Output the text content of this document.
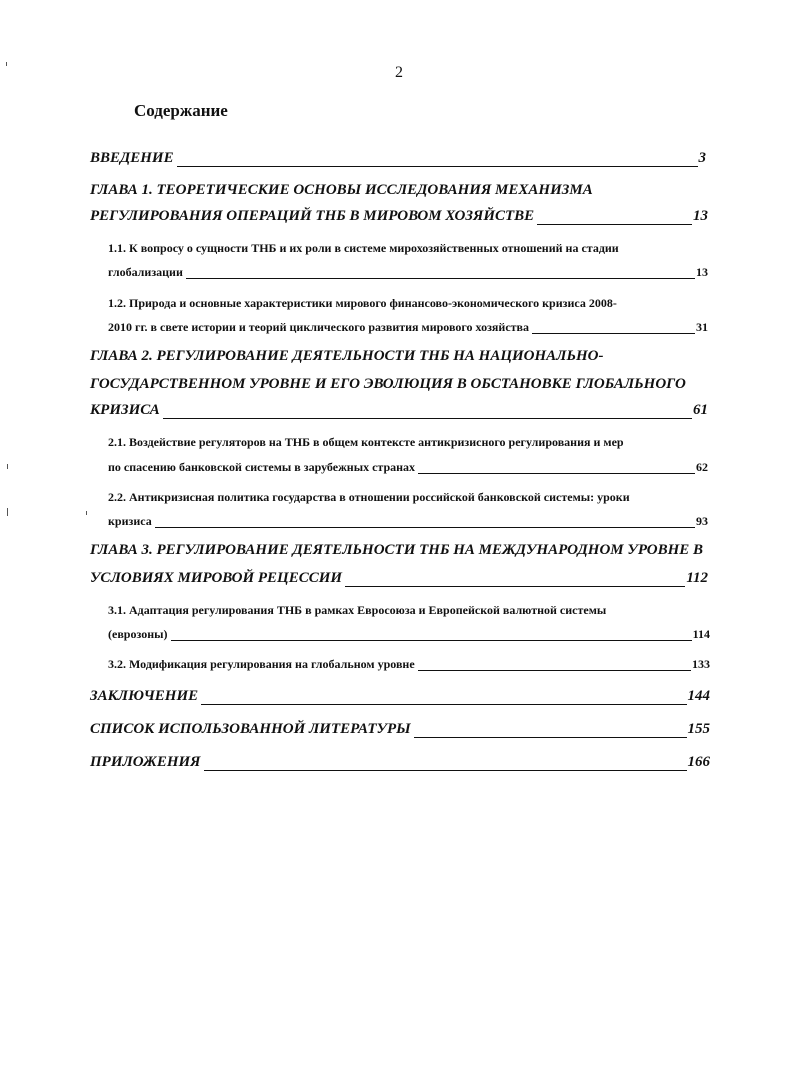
2
Содержание
ВВЕДЕНИЕ	3
ГЛАВА 1. ТЕОРЕТИЧЕСКИЕ ОСНОВЫ ИССЛЕДОВАНИЯ МЕХАНИЗМА
РЕГУЛИРОВАНИЯ ОПЕРАЦИЙ ТНБ В МИРОВОМ ХОЗЯЙСТВЕ	13
1.1. К вопросу о сущности ТНБ и их роли в системе мирохозяйственных отношений на стадии
глобализации	13
1.2. Природа и основные характеристики мирового финансово-экономического кризиса 2008-
2010 гг. в свете истории и теорий циклического развития мирового хозяйства	31
ГЛАВА 2. РЕГУЛИРОВАНИЕ ДЕЯТЕЛЬНОСТИ ТНБ НА НАЦИОНАЛЬНО-
ГОСУДАРСТВЕННОМ УРОВНЕ И ЕГО ЭВОЛЮЦИЯ В ОБСТАНОВКЕ ГЛОБАЛЬНОГО
КРИЗИСА	61
2.1. Воздействие регуляторов на ТНБ в общем контексте антикризисного регулирования и мер
по спасению банковской системы в зарубежных странах	62
2.2. Антикризисная политика государства в отношении российской банковской системы: уроки
кризиса	93
ГЛАВА 3. РЕГУЛИРОВАНИЕ ДЕЯТЕЛЬНОСТИ ТНБ НА МЕЖДУНАРОДНОМ УРОВНЕ В
УСЛОВИЯХ МИРОВОЙ РЕЦЕССИИ	112
3.1. Адаптация регулирования ТНБ в рамках Евросоюза и Европейской валютной системы
(еврозоны)	114
3.2. Модификация регулирования на глобальном уровне	133
ЗАКЛЮЧЕНИЕ	144
СПИСОК ИСПОЛЬЗОВАННОЙ ЛИТЕРАТУРЫ	155
ПРИЛОЖЕНИЯ	166
